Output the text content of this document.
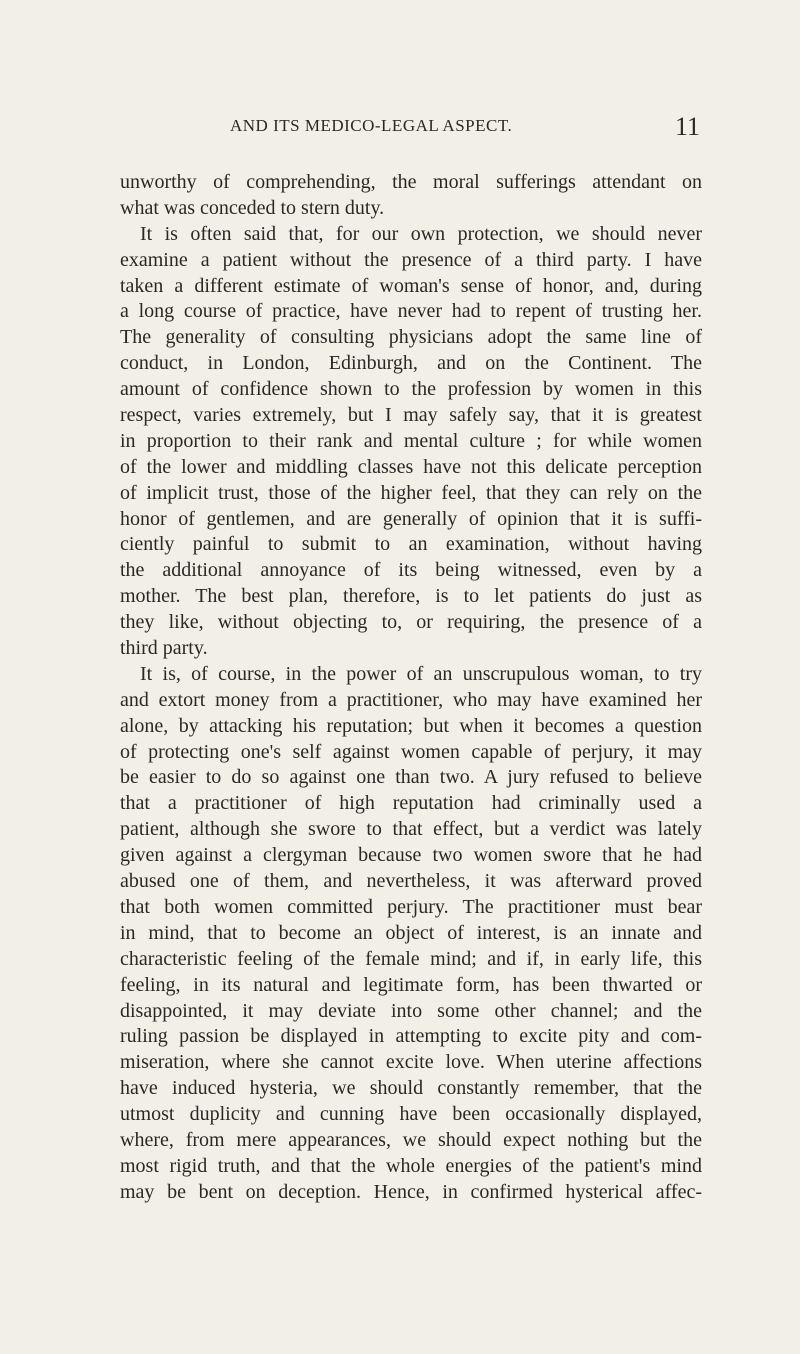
AND ITS MEDICO-LEGAL ASPECT.	11
unworthy of comprehending, the moral sufferings attendant on
what was conceded to stern duty.
It is often said that, for our own protection, we should never
examine a patient without the presence of a third party. I have
taken a different estimate of woman's sense of honor, and, during
a long course of practice, have never had to repent of trusting her.
The generality of consulting physicians adopt the same line of
conduct, in London, Edinburgh, and on the Continent. The
amount of confidence shown to the profession by women in this
respect, varies extremely, but I may safely say, that it is greatest
in proportion to their rank and mental culture ; for while women
of the lower and middling classes have not this delicate perception
of implicit trust, those of the higher feel, that they can rely on the
honor of gentlemen, and are generally of opinion that it is suffi-
ciently painful to submit to an examination, without having
the additional annoyance of its being witnessed, even by a
mother. The best plan, therefore, is to let patients do just as
they like, without objecting to, or requiring, the presence of a
third party.
It is, of course, in the power of an unscrupulous woman, to try
and extort money from a practitioner, who may have examined her
alone, by attacking his reputation; but when it becomes a question
of protecting one's self against women capable of perjury, it may
be easier to do so against one than two. A jury refused to believe
that a practitioner of high reputation had criminally used a
patient, although she swore to that effect, but a verdict was lately
given against a clergyman because two women swore that he had
abused one of them, and nevertheless, it was afterward proved
that both women committed perjury. The practitioner must bear
in mind, that to become an object of interest, is an innate and
characteristic feeling of the female mind; and if, in early life, this
feeling, in its natural and legitimate form, has been thwarted or
disappointed, it may deviate into some other channel; and the
ruling passion be displayed in attempting to excite pity and com-
miseration, where she cannot excite love. When uterine affections
have induced hysteria, we should constantly remember, that the
utmost duplicity and cunning have been occasionally displayed,
where, from mere appearances, we should expect nothing but the
most rigid truth, and that the whole energies of the patient's mind
may be bent on deception. Hence, in confirmed hysterical affec-
